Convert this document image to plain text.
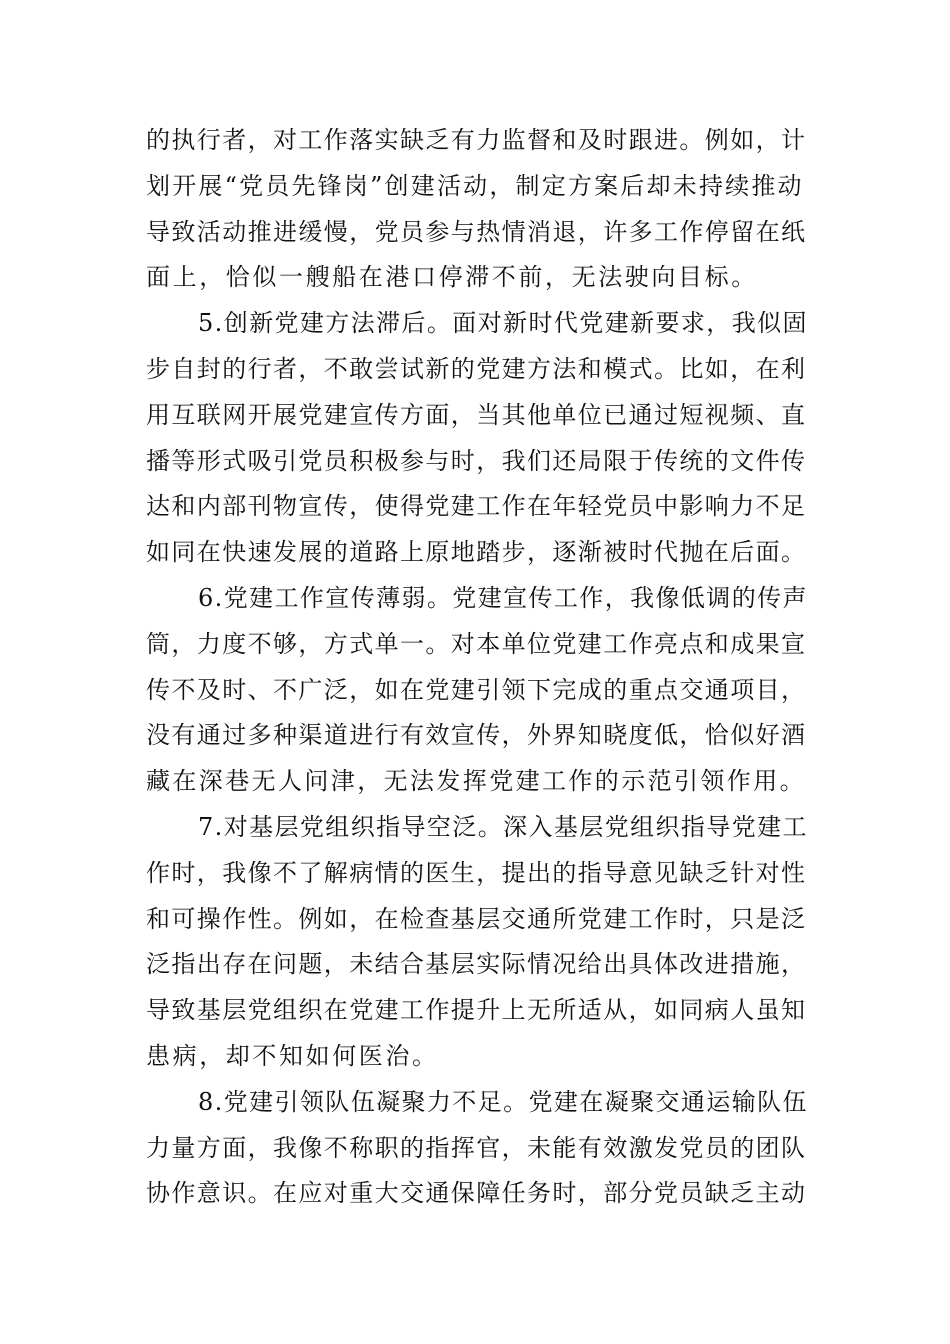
的执行者，对工作落实缺乏有力监督和及时跟进。例如，计
划开展“党员先锋岗”创建活动，制定方案后却未持续推动
导致活动推进缓慢，党员参与热情消退，许多工作停留在纸
面上，恰似一艘船在港口停滞不前，无法驶向目标。
5.创新党建方法滞后。面对新时代党建新要求，我似固
步自封的行者，不敢尝试新的党建方法和模式。比如，在利
用互联网开展党建宣传方面，当其他单位已通过短视频、直
播等形式吸引党员积极参与时，我们还局限于传统的文件传
达和内部刊物宣传，使得党建工作在年轻党员中影响力不足
如同在快速发展的道路上原地踏步，逐渐被时代抛在后面。
6.党建工作宣传薄弱。党建宣传工作，我像低调的传声
筒，力度不够，方式单一。对本单位党建工作亮点和成果宣
传不及时、不广泛，如在党建引领下完成的重点交通项目，
没有通过多种渠道进行有效宣传，外界知晓度低，恰似好酒
藏在深巷无人问津，无法发挥党建工作的示范引领作用。
7.对基层党组织指导空泛。深入基层党组织指导党建工
作时，我像不了解病情的医生，提出的指导意见缺乏针对性
和可操作性。例如，在检查基层交通所党建工作时，只是泛
泛指出存在问题，未结合基层实际情况给出具体改进措施，
导致基层党组织在党建工作提升上无所适从，如同病人虽知
患病，却不知如何医治。
8.党建引领队伍凝聚力不足。党建在凝聚交通运输队伍
力量方面，我像不称职的指挥官，未能有效激发党员的团队
协作意识。在应对重大交通保障任务时，部分党员缺乏主动
